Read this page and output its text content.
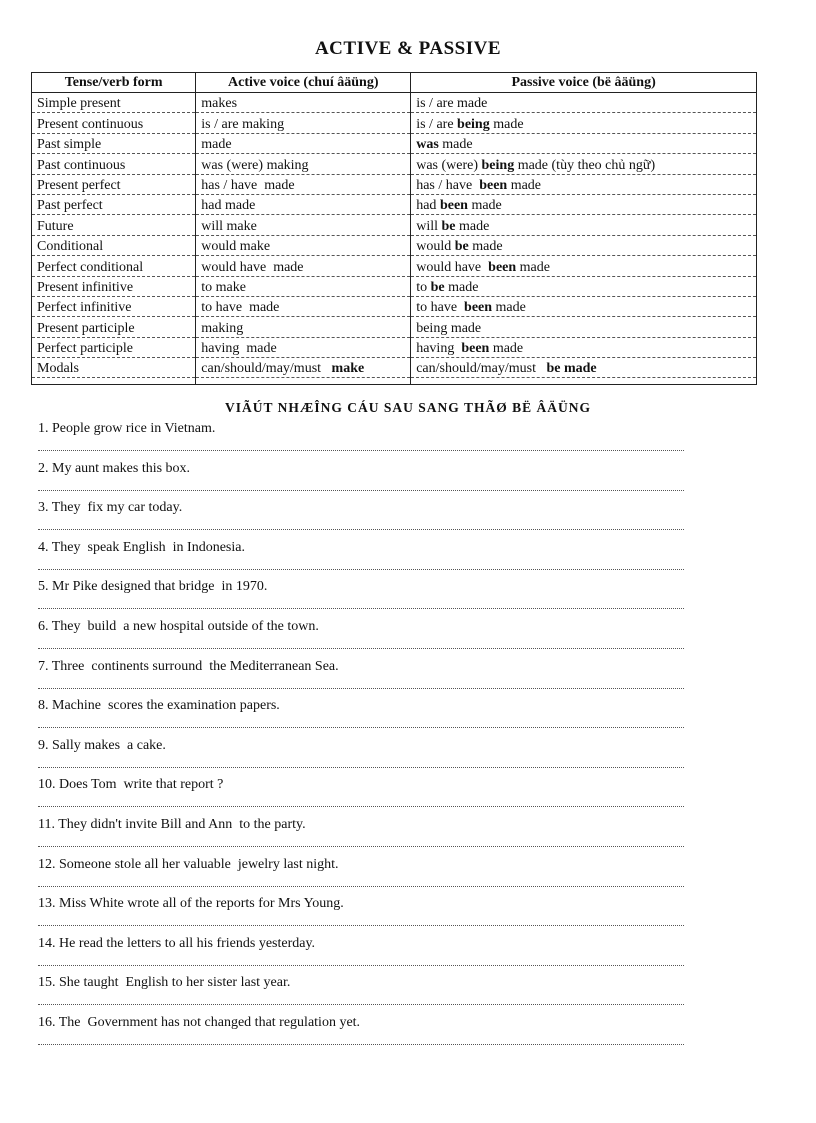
ACTIVE & PASSIVE
Tense/verb form	Active voice (chuí âäüng)	Passive voice (bë âäüng)
Simple present	makes	is / are made
Present continuous	is / are making	is / are being made
Past simple	made	was made
Past continuous	was (were) making	was (were) being made (tùy theo chủ ngữ)
Present perfect	has / have  made	has / have  been made
Past perfect	had made	had been made
Future	will make	will be made
Conditional	would make	would be made
Perfect conditional	would have  made	would have  been made
Present infinitive	to make	to be made
Perfect infinitive	to have  made	to have  been made
Present participle	making	being made
Perfect participle	having  made	having  been made
Modals	can/should/may/must   make	can/should/may/must   be made

VIÃÚT NHÆÎNG CÁU SAU SANG THÃØ BË ÂÄÜNG
1. People grow rice in Vietnam.
2. My aunt makes this box.
3. They  fix my car today.
4. They  speak English  in Indonesia.
5. Mr Pike designed that bridge  in 1970.
6. They  build  a new hospital outside of the town.
7. Three  continents surround  the Mediterranean Sea.
8. Machine  scores the examination papers.
9. Sally makes  a cake.
10. Does Tom  write that report ?
11. They didn't invite Bill and Ann  to the party.
12. Someone stole all her valuable  jewelry last night.
13. Miss White wrote all of the reports for Mrs Young.
14. He read the letters to all his friends yesterday.
15. She taught  English to her sister last year.
16. The  Government has not changed that regulation yet.
